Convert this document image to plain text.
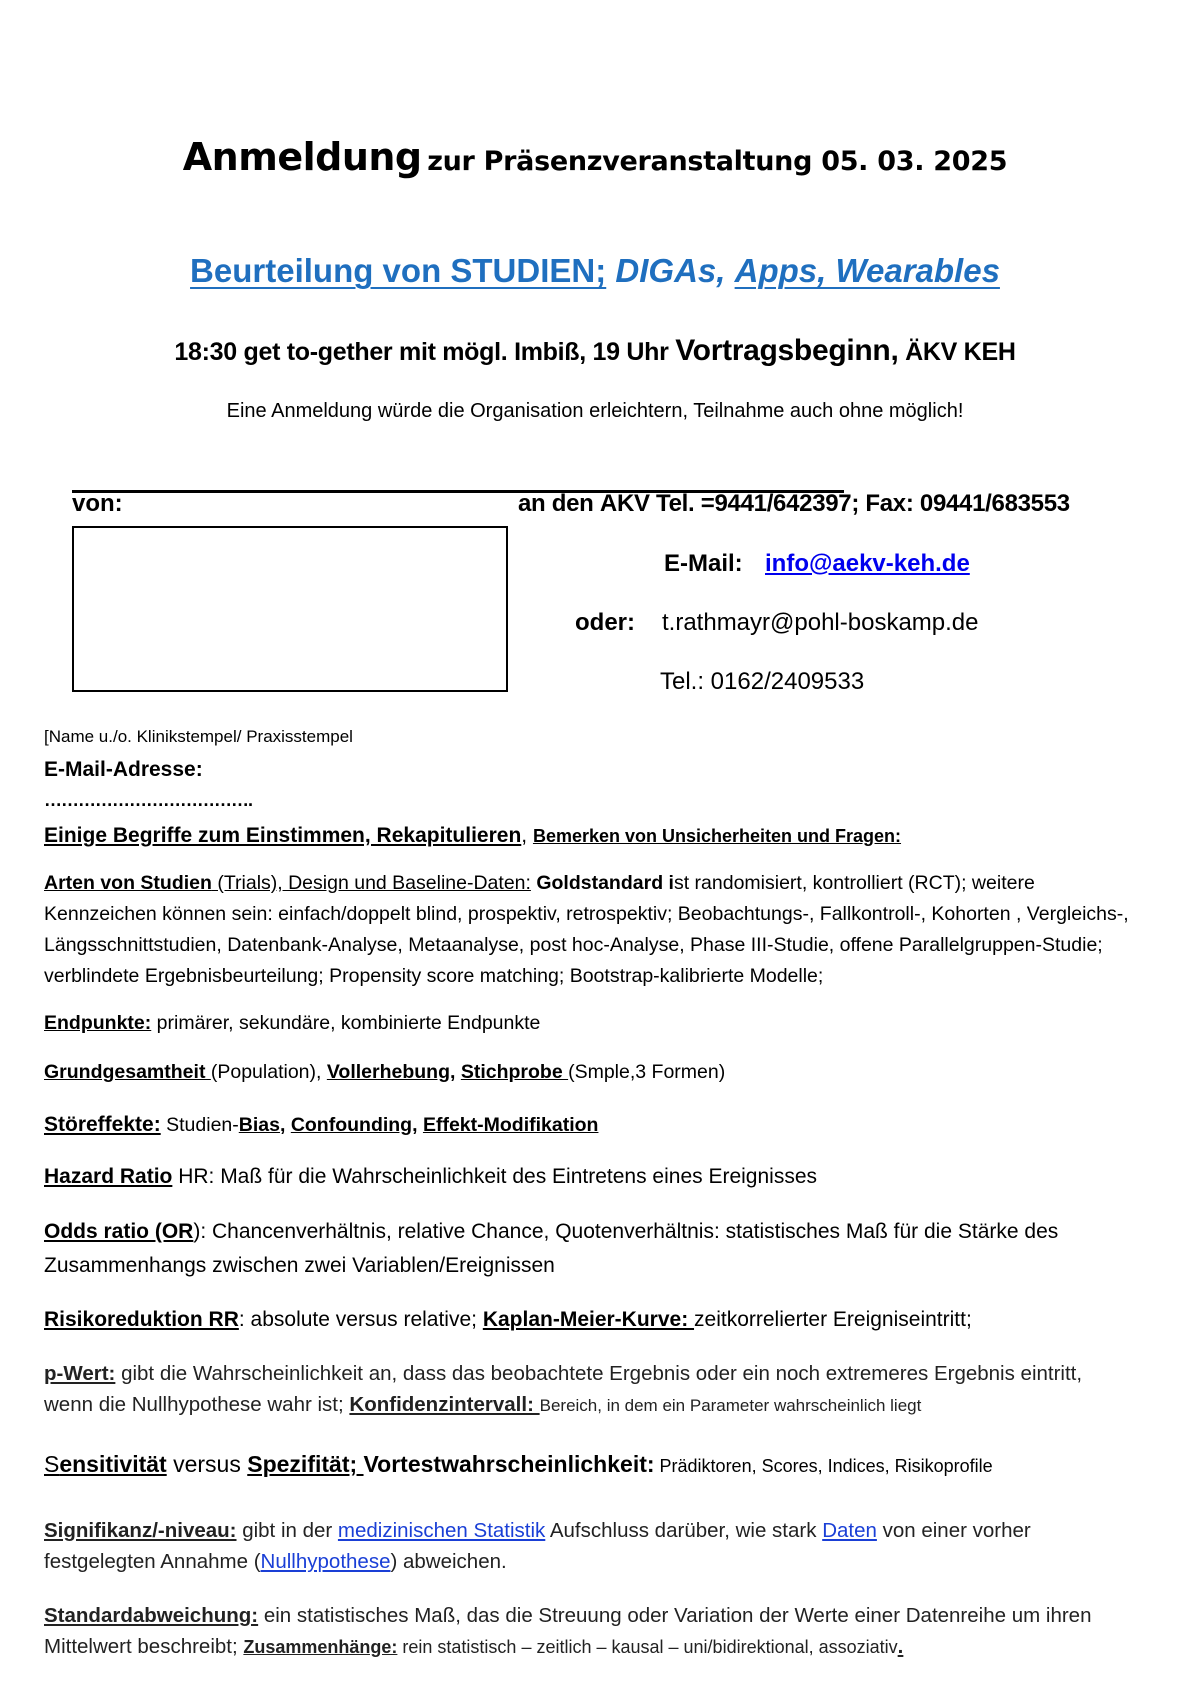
Anmeldung zur Präsenzveranstaltung 05. 03. 2025
Beurteilung von STUDIEN; DIGAs, Apps, Wearables
18:30 get to-gether mit mögl. Imbiß, 19 Uhr Vortragsbeginn, ÄKV KEH
Eine Anmeldung würde die Organisation erleichtern, Teilnahme auch ohne möglich!
von:	an den ÄKV Tel. =9441/642397; Fax: 09441/683553
E-Mail: info@aekv-keh.de
oder: t.rathmayr@pohl-boskamp.de
Tel.: 0162/2409533
[Name u./o. Klinikstempel/ Praxisstempel
E-Mail-Adresse:
……………………………….
Einige Begriffe zum Einstimmen, Rekapitulieren, Bemerken von Unsicherheiten und Fragen:
Arten von Studien (Trials), Design und Baseline-Daten: Goldstandard ist randomisiert, kontrolliert (RCT); weitere Kennzeichen können sein: einfach/doppelt blind, prospektiv, retrospektiv; Beobachtungs-, Fallkontroll-, Kohorten , Vergleichs-, Längsschnittstudien, Datenbank-Analyse, Metaanalyse, post hoc-Analyse, Phase III-Studie, offene Parallelgruppen-Studie; verblindete Ergebnisbeurteilung; Propensity score matching; Bootstrap-kalibrierte Modelle;
Endpunkte: primärer, sekundäre, kombinierte Endpunkte
Grundgesamtheit (Population), Vollerhebung, Stichprobe (Smple,3 Formen)
Störeffekte: Studien-Bias, Confounding, Effekt-Modifikation
Hazard Ratio HR: Maß für die Wahrscheinlichkeit des Eintretens eines Ereignisses
Odds ratio (OR): Chancenverhältnis, relative Chance, Quotenverhältnis: statistisches Maß für die Stärke des Zusammenhangs zwischen zwei Variablen/Ereignissen
Risikoreduktion RR: absolute versus relative; Kaplan-Meier-Kurve: zeitkorrelierter Ereigniseintritt;
p-Wert: gibt die Wahrscheinlichkeit an, dass das beobachtete Ergebnis oder ein noch extremeres Ergebnis eintritt, wenn die Nullhypothese wahr ist; Konfidenzintervall: Bereich, in dem ein Parameter wahrscheinlich liegt
Sensitivität versus Spezifität; Vortestwahrscheinlichkeit: Prädiktoren, Scores, Indices, Risikoprofile
Signifikanz/-niveau: gibt in der medizinischen Statistik Aufschluss darüber, wie stark Daten von einer vorher festgelegten Annahme (Nullhypothese) abweichen.
Standardabweichung: ein statistisches Maß, das die Streuung oder Variation der Werte einer Datenreihe um ihren Mittelwert beschreibt; Zusammenhänge: rein statistisch – zeitlich – kausal – uni/bidirektional, assoziativ.
